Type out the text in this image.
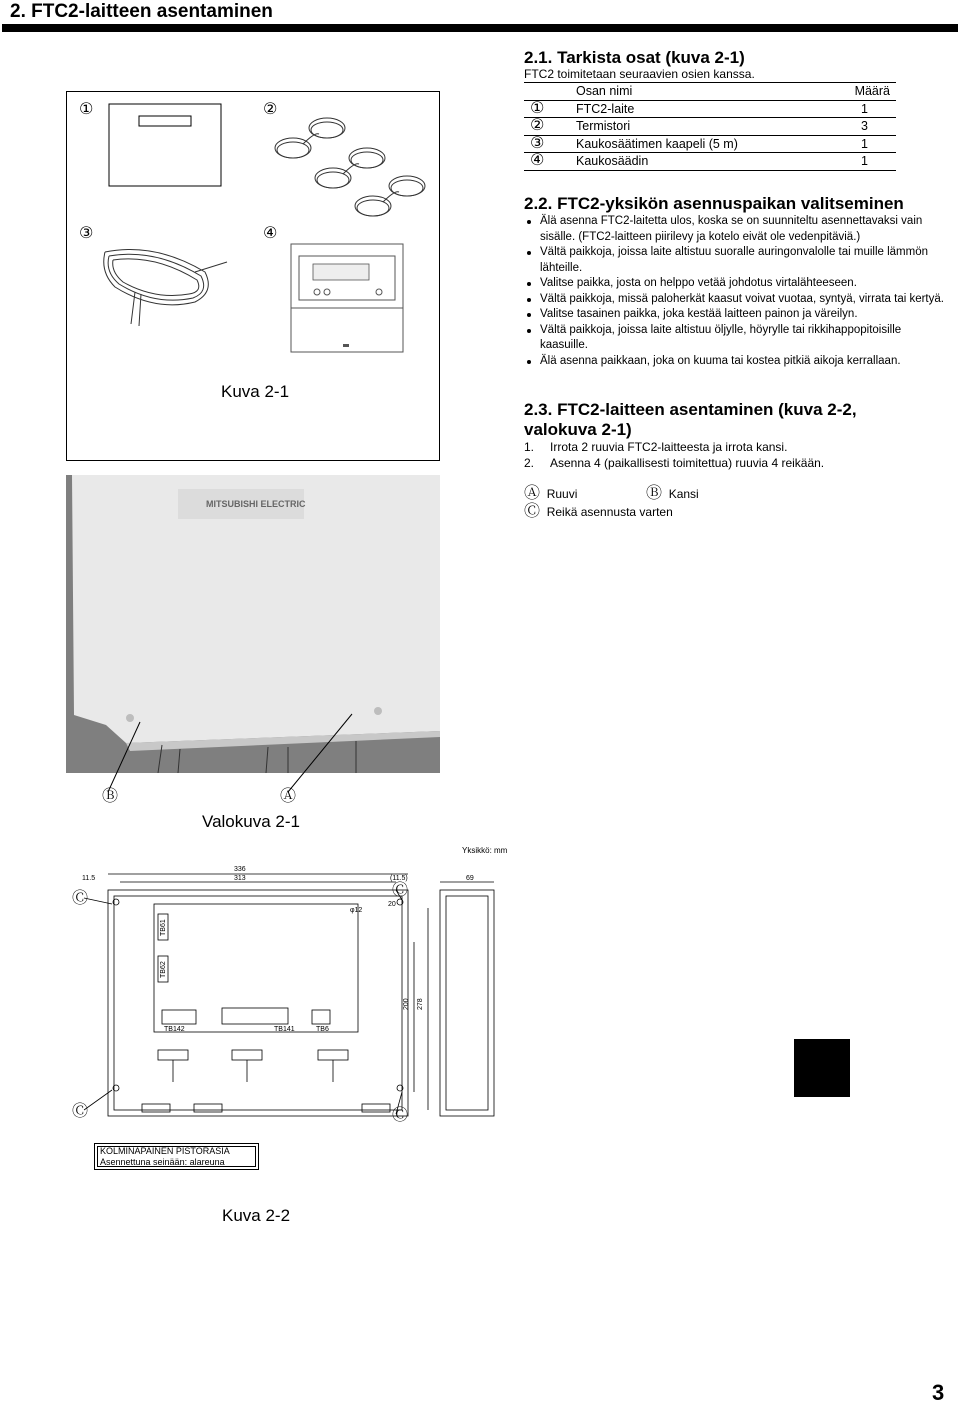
2. FTC2-laitteen asentaminen
①	②
③	④
Kuva 2-1
2.1. Tarkista osat (kuva 2-1)

FTC2 toimitetaan seuraavien osien kanssa.

	Osan nimi	Määrä
①	FTC2-laite	1
②	Termistori	3
③	Kaukosäätimen kaapeli (5 m)	1
④	Kaukosäädin	1
2.2. FTC2-yksikön asennuspaikan valitseminen
Älä asenna FTC2-laitetta ulos, koska se on suunniteltu asennettavaksi vain sisälle. (FTC2-laitteen piirilevy ja kotelo eivät ole vedenpitäviä.)
Vältä paikkoja, joissa laite altistuu suoralle auringonvalolle tai muille lämmön lähteille.
Valitse paikka, josta on helppo vetää johdotus virtalähteeseen.
Vältä paikkoja, missä paloherkät kaasut voivat vuotaa, syntyä, virrata tai kertyä.
Valitse tasainen paikka, joka kestää laitteen painon ja väreilyn.
Vältä paikkoja, joissa laite altistuu öljylle, höyrylle tai rikkihappopitoisille kaasuille.
Älä asenna paikkaan, joka on kuuma tai kostea pitkiä aikoja kerrallaan.
2.3. FTC2-laitteen asentaminen (kuva 2-2,
valokuva 2-1)
1.	Irrota 2 ruuvia FTC2-laitteesta ja irrota kansi.
2.	Asenna 4 (paikallisesti toimitettua) ruuvia 4 reikään.
Ⓐ Ruuvi	Ⓑ Kansi
Ⓒ Reikä asennusta varten
MITSUBISHI ELECTRIC
Ⓑ	Ⓐ
Valokuva 2-1
Yksikkö: mm
336
313
11.5	(11.5)	69
φ12
20
200 278
TB142	TB141	TB6
TB61
TB62
Ⓒ	Ⓒ
Ⓒ	Ⓒ
KOLMINAPAINEN PISTORASIA
Asennettuna seinään: alareuna
Kuva 2-2
3
